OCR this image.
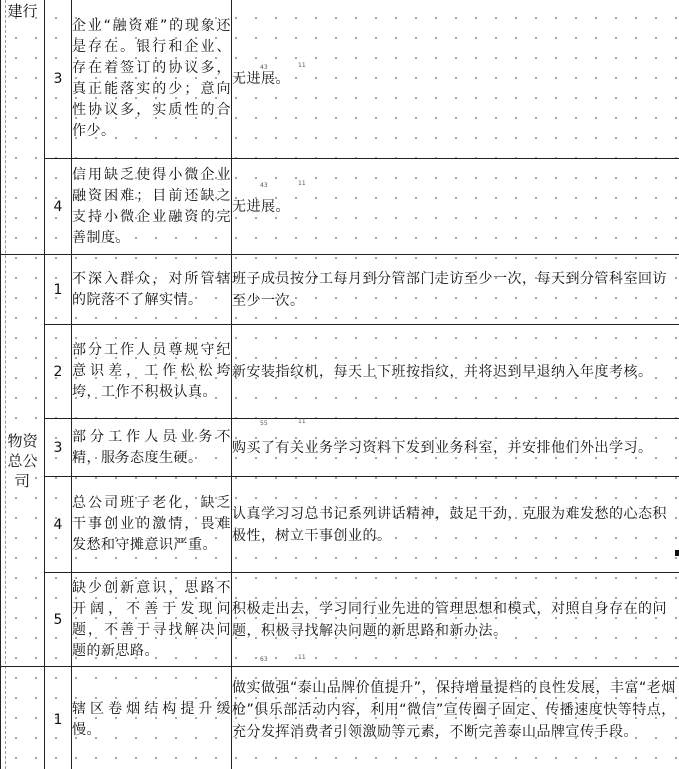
建行	3	企业“融资难”的现象还是存在。银行和企业、存在着签订的协议多，真正能落实的少；意向性协议多，实质性的合作少。	无进展。
	4	信用缺乏使得小微企业融资困难；目前还缺之支持小微企业融资的完善制度。	无进展。
物资总公司	1	不深入群众，对所管辖的院落不了解实情。	班子成员按分工每月到分管部门走访至少一次，每天到分管科室回访至少一次。
	2	部分工作人员尊规守纪意识差，工作松松垮垮，工作不积极认真。	新安装指纹机，每天上下班按指纹，并将迟到早退纳入年度考核。
	3	部分工作人员业务不精，服务态度生硬。	购买了有关业务学习资料下发到业务科室，并安排他们外出学习。
	4	总公司班子老化，缺乏干事创业的激情，畏难发愁和守摊意识严重。	认真学习习总书记系列讲话精神，鼓足干劲，克服为难发愁的心态积极性，树立干事创业的。
	5	缺少创新意识，思路不开阔，不善于发现问题，不善于寻找解决问题的新思路。	积极走出去，学习同行业先进的管理思想和模式，对照自身存在的问题，积极寻找解决问题的新思路和新办法。
	1	辖区卷烟结构提升缓慢。	做实做强“泰山品牌价值提升”，保持增量提档的良性发展，丰富“老烟枪”俱乐部活动内容，利用“微信”宣传圈子固定、传播速度快等特点，充分发挥消费者引领激励等元素，不断完善泰山品牌宣传手段。

43	11
43	11
55	11
63	11
